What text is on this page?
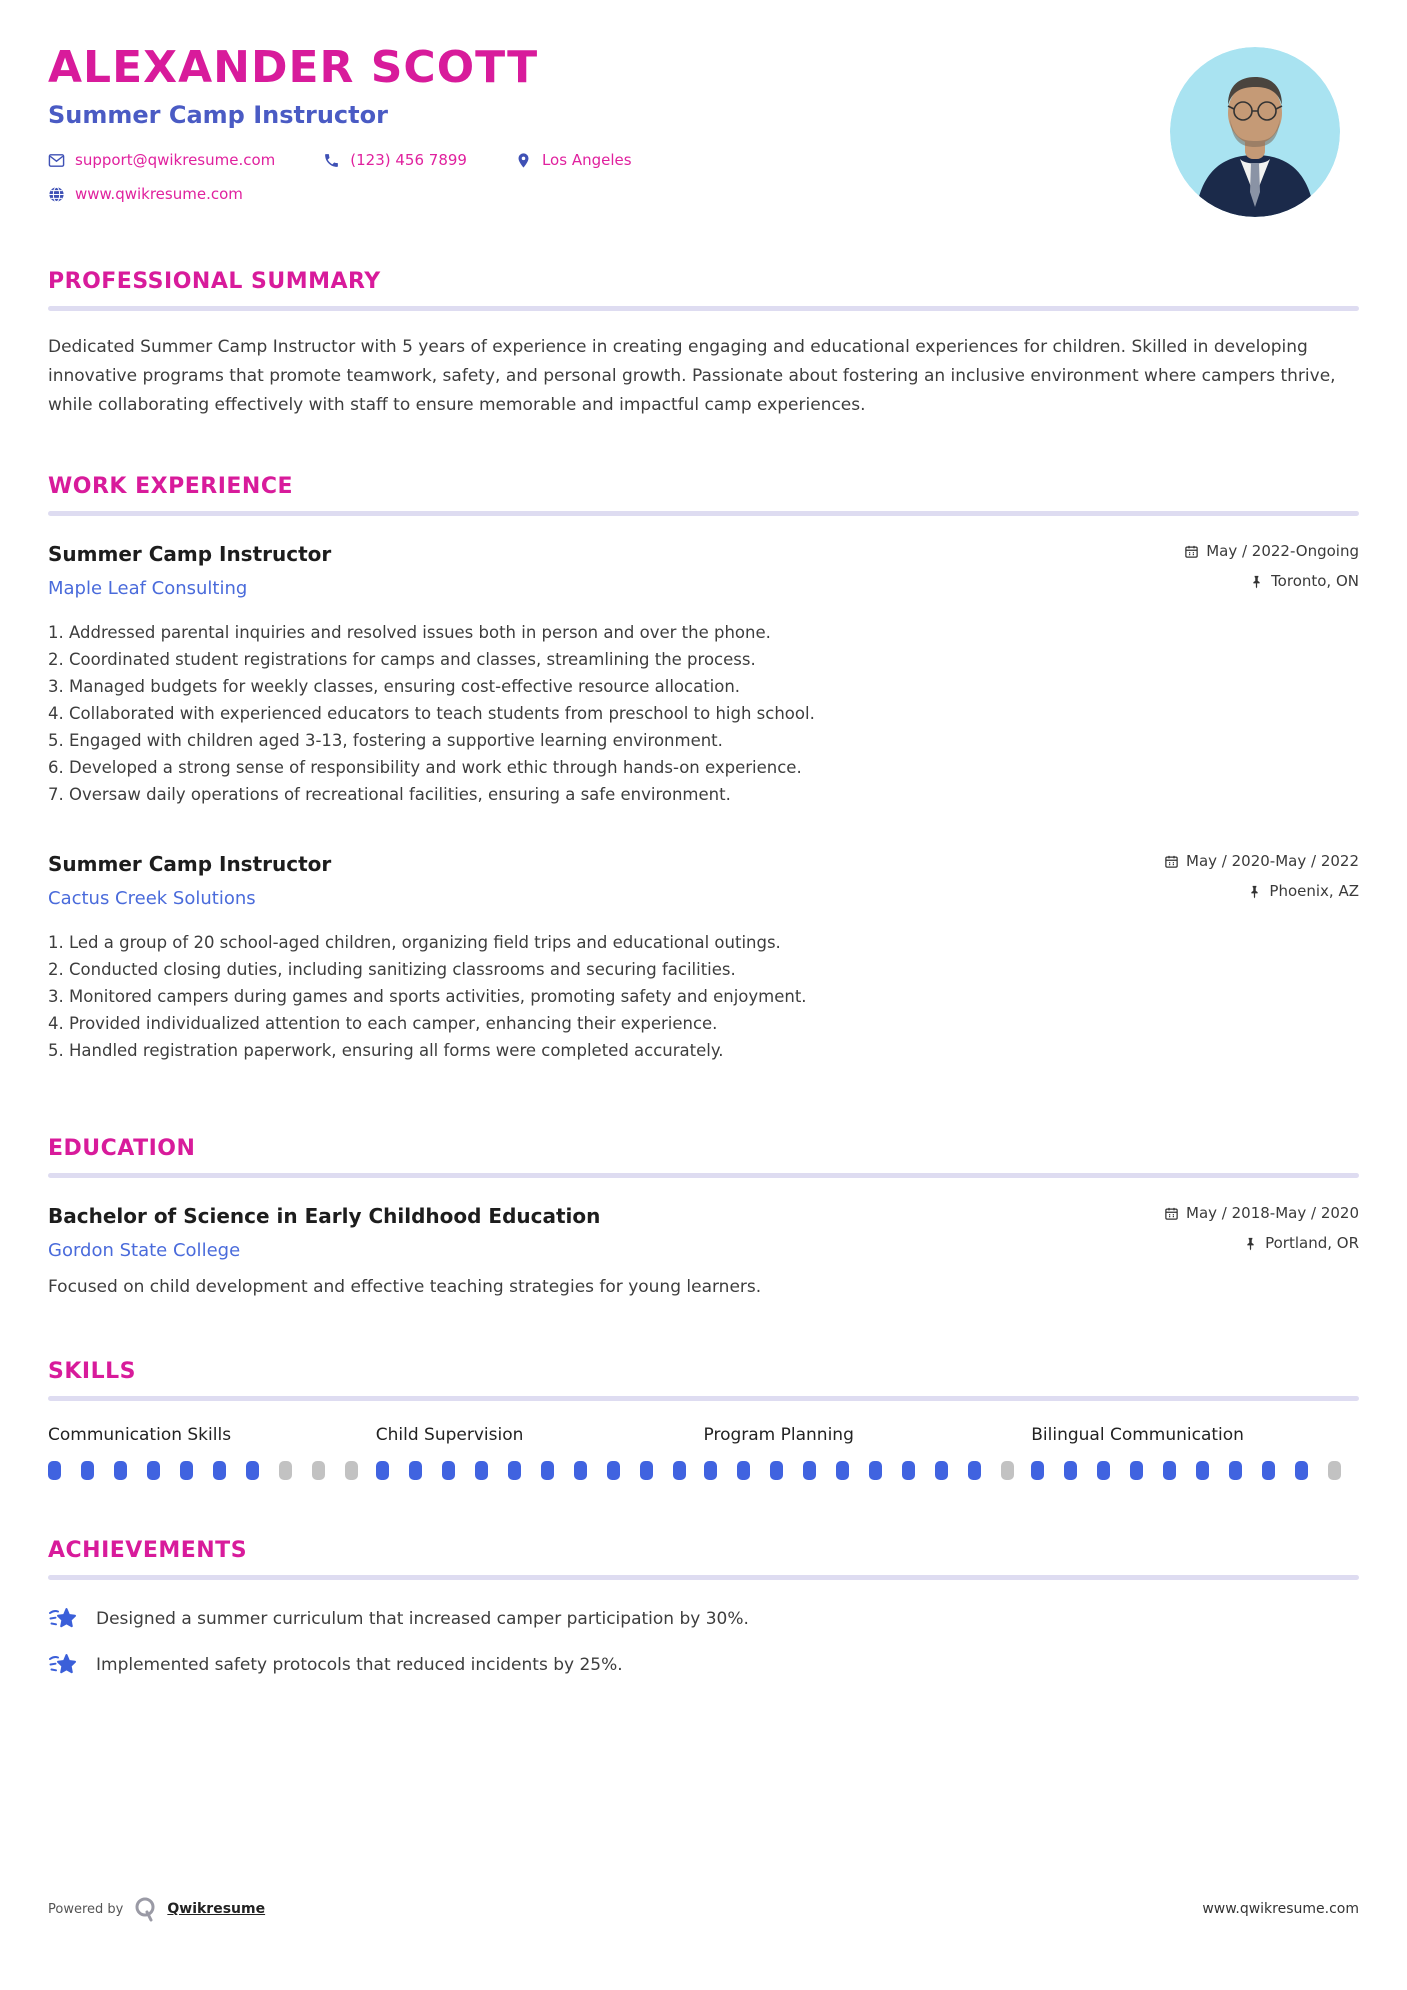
ALEXANDER SCOTT
Summer Camp Instructor
support@qwikresume.com	(123) 456 7899	Los Angeles
www.qwikresume.com
PROFESSIONAL SUMMARY
Dedicated Summer Camp Instructor with 5 years of experience in creating engaging and educational experiences for children. Skilled in developing innovative programs that promote teamwork, safety, and personal growth. Passionate about fostering an inclusive environment where campers thrive, while collaborating effectively with staff to ensure memorable and impactful camp experiences.
WORK EXPERIENCE
Summer Camp Instructor
Maple Leaf Consulting
May / 2022-Ongoing
Toronto, ON
Addressed parental inquiries and resolved issues both in person and over the phone.
Coordinated student registrations for camps and classes, streamlining the process.
Managed budgets for weekly classes, ensuring cost-effective resource allocation.
Collaborated with experienced educators to teach students from preschool to high school.
Engaged with children aged 3-13, fostering a supportive learning environment.
Developed a strong sense of responsibility and work ethic through hands-on experience.
Oversaw daily operations of recreational facilities, ensuring a safe environment.
Summer Camp Instructor
Cactus Creek Solutions
May / 2020-May / 2022
Phoenix, AZ
Led a group of 20 school-aged children, organizing field trips and educational outings.
Conducted closing duties, including sanitizing classrooms and securing facilities.
Monitored campers during games and sports activities, promoting safety and enjoyment.
Provided individualized attention to each camper, enhancing their experience.
Handled registration paperwork, ensuring all forms were completed accurately.
EDUCATION
Bachelor of Science in Early Childhood Education
Gordon State College
May / 2018-May / 2020
Portland, OR
Focused on child development and effective teaching strategies for young learners.
SKILLS
Communication Skills	Child Supervision	Program Planning	Bilingual Communication
ACHIEVEMENTS
Designed a summer curriculum that increased camper participation by 30%.
Implemented safety protocols that reduced incidents by 25%.
Powered by	Qwikresume	www.qwikresume.com
